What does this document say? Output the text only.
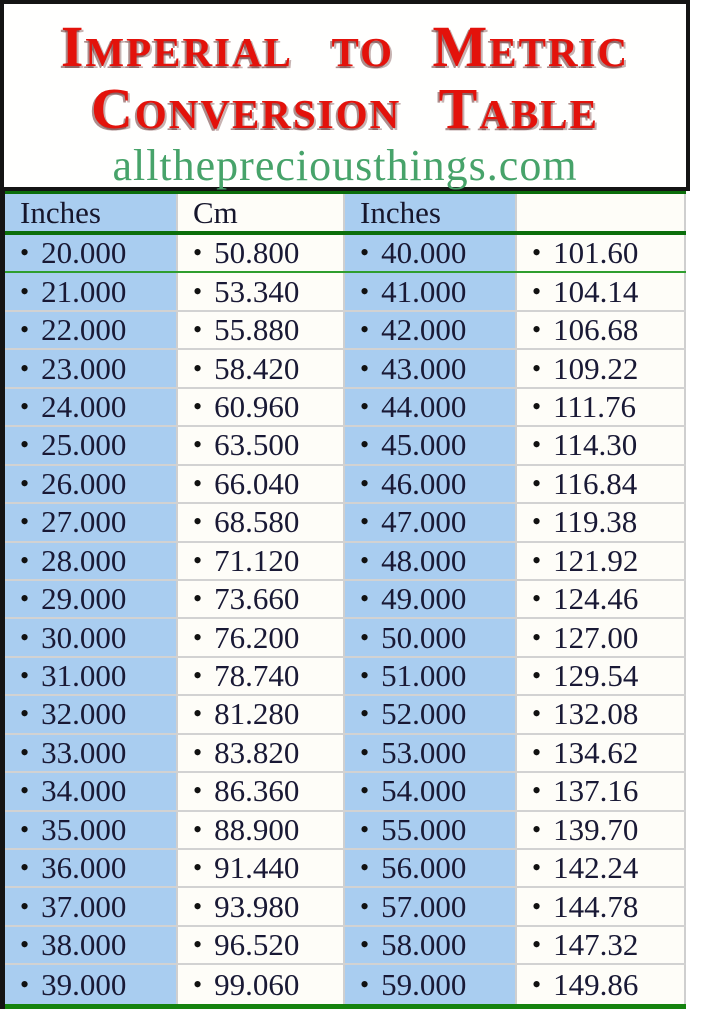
Imperial to Metric
Conversion Table
allthepreciousthings.com
Inches	Cm	Inches
• 20.000	• 50.800 • 40.000	• 101.60
• 21.000	• 53.340 • 41.000	• 104.14
• 22.000	• 55.880 • 42.000	• 106.68
• 23.000	• 58.420 • 43.000	• 109.22
• 24.000	• 60.960 • 44.000	• 111.76
• 25.000	• 63.500 • 45.000	• 114.30
• 26.000	• 66.040 • 46.000	• 116.84
• 27.000	• 68.580 • 47.000	• 119.38
• 28.000	• 71.120 • 48.000	• 121.92
• 29.000	• 73.660 • 49.000	• 124.46
• 30.000	• 76.200 • 50.000	• 127.00
• 31.000	• 78.740 • 51.000	• 129.54
• 32.000	• 81.280 • 52.000	• 132.08
• 33.000	• 83.820 • 53.000	• 134.62
• 34.000	• 86.360 • 54.000	• 137.16
• 35.000	• 88.900 • 55.000	• 139.70
• 36.000	• 91.440 • 56.000	• 142.24
• 37.000	• 93.980 • 57.000	• 144.78
• 38.000	• 96.520 • 58.000	• 147.32
• 39.000	• 99.060 • 59.000	• 149.86
